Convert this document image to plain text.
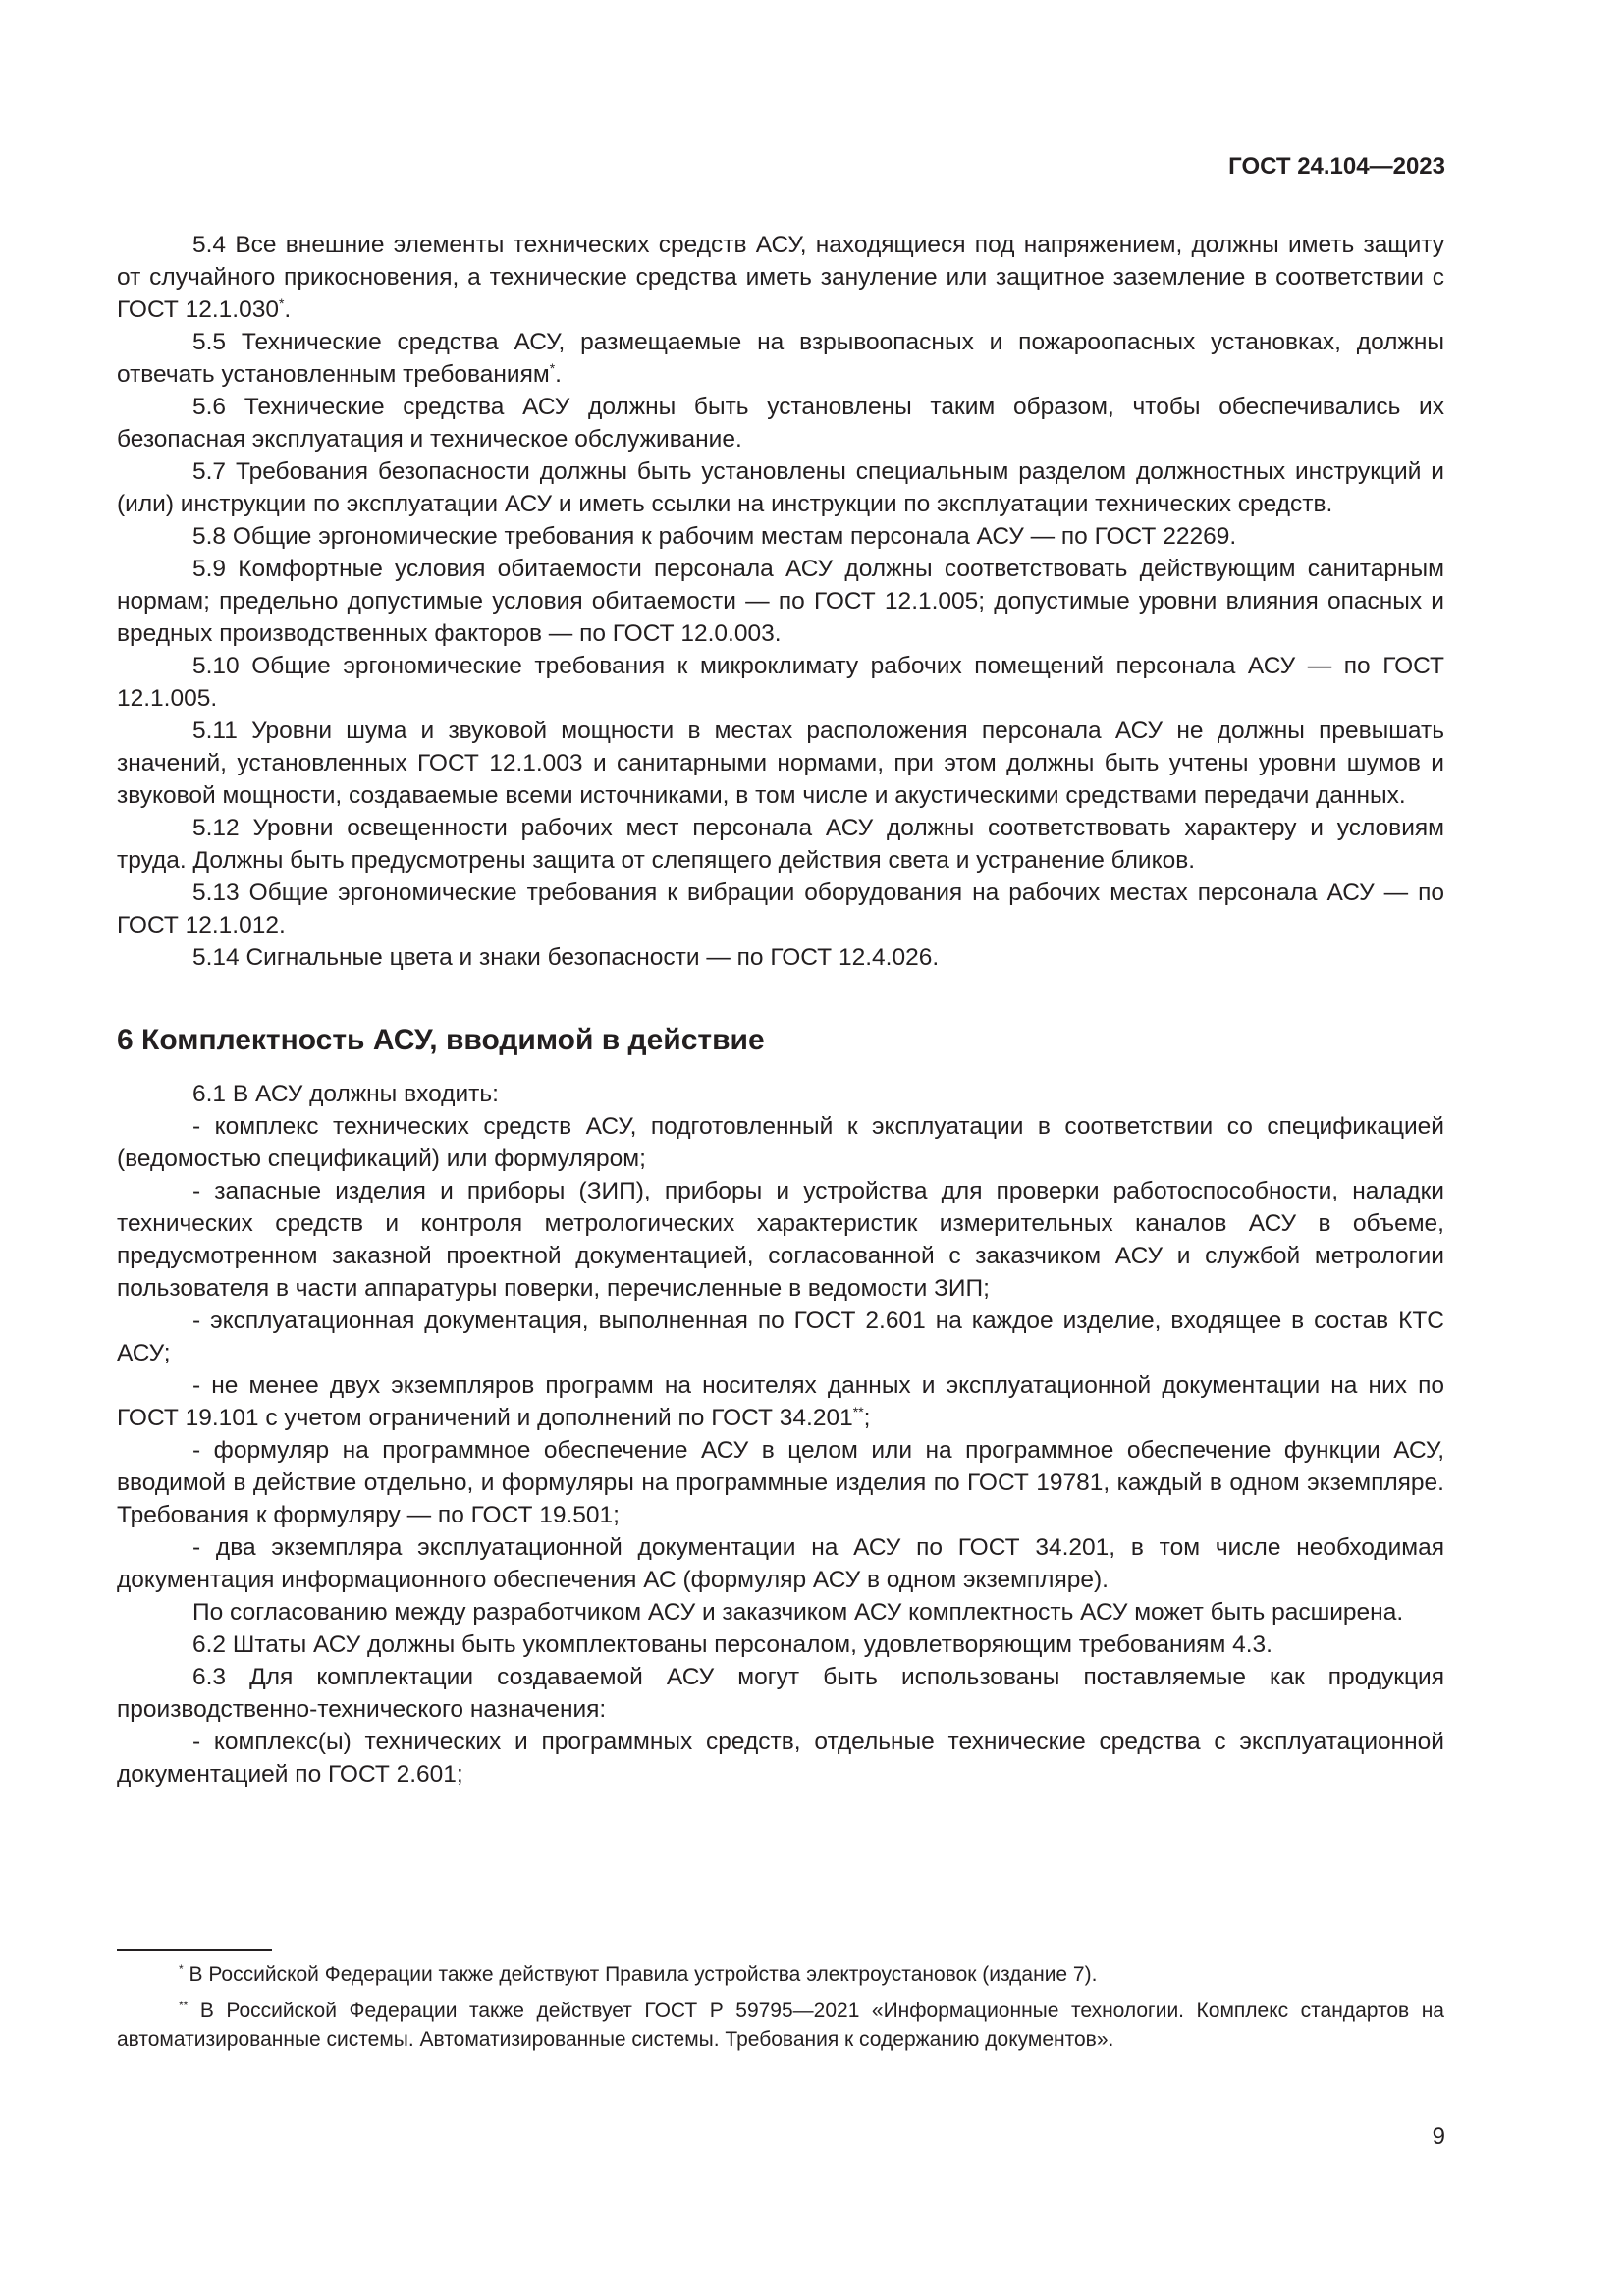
ГОСТ 24.104—2023

5.4 Все внешние элементы технических средств АСУ, находящиеся под напряжением, должны иметь защиту от случайного прикосновения, а технические средства иметь зануление или защитное заземление в соответствии с ГОСТ 12.1.030*.

5.5 Технические средства АСУ, размещаемые на взрывоопасных и пожароопасных установках, должны отвечать установленным требованиям*.

5.6 Технические средства АСУ должны быть установлены таким образом, чтобы обеспечивались их безопасная эксплуатация и техническое обслуживание.

5.7 Требования безопасности должны быть установлены специальным разделом должностных инструкций и (или) инструкции по эксплуатации АСУ и иметь ссылки на инструкции по эксплуатации технических средств.

5.8 Общие эргономические требования к рабочим местам персонала АСУ — по ГОСТ 22269.

5.9 Комфортные условия обитаемости персонала АСУ должны соответствовать действующим санитарным нормам; предельно допустимые условия обитаемости — по ГОСТ 12.1.005; допустимые уровни влияния опасных и вредных производственных факторов — по ГОСТ 12.0.003.

5.10 Общие эргономические требования к микроклимату рабочих помещений персонала АСУ — по ГОСТ 12.1.005.

5.11 Уровни шума и звуковой мощности в местах расположения персонала АСУ не должны превышать значений, установленных ГОСТ 12.1.003 и санитарными нормами, при этом должны быть учтены уровни шумов и звуковой мощности, создаваемые всеми источниками, в том числе и акустическими средствами передачи данных.

5.12 Уровни освещенности рабочих мест персонала АСУ должны соответствовать характеру и условиям труда. Должны быть предусмотрены защита от слепящего действия света и устранение бликов.

5.13 Общие эргономические требования к вибрации оборудования на рабочих местах персонала АСУ — по ГОСТ 12.1.012.

5.14 Сигнальные цвета и знаки безопасности — по ГОСТ 12.4.026.

6 Комплектность АСУ, вводимой в действие

6.1 В АСУ должны входить:

- комплекс технических средств АСУ, подготовленный к эксплуатации в соответствии со спецификацией (ведомостью спецификаций) или формуляром;

- запасные изделия и приборы (ЗИП), приборы и устройства для проверки работоспособности, наладки технических средств и контроля метрологических характеристик измерительных каналов АСУ в объеме, предусмотренном заказной проектной документацией, согласованной с заказчиком АСУ и службой метрологии пользователя в части аппаратуры поверки, перечисленные в ведомости ЗИП;

- эксплуатационная документация, выполненная по ГОСТ 2.601 на каждое изделие, входящее в состав КТС АСУ;

- не менее двух экземпляров программ на носителях данных и эксплуатационной документации на них по ГОСТ 19.101 с учетом ограничений и дополнений по ГОСТ 34.201**;

- формуляр на программное обеспечение АСУ в целом или на программное обеспечение функции АСУ, вводимой в действие отдельно, и формуляры на программные изделия по ГОСТ 19781, каждый в одном экземпляре. Требования к формуляру — по ГОСТ 19.501;

- два экземпляра эксплуатационной документации на АСУ по ГОСТ 34.201, в том числе необходимая документация информационного обеспечения АС (формуляр АСУ в одном экземпляре).

По согласованию между разработчиком АСУ и заказчиком АСУ комплектность АСУ может быть расширена.

6.2 Штаты АСУ должны быть укомплектованы персоналом, удовлетворяющим требованиям 4.3.

6.3 Для комплектации создаваемой АСУ могут быть использованы поставляемые как продукция производственно-технического назначения:

- комплекс(ы) технических и программных средств, отдельные технические средства с эксплуатационной документацией по ГОСТ 2.601;

* В Российской Федерации также действуют Правила устройства электроустановок (издание 7).

** В Российской Федерации также действует ГОСТ Р 59795—2021 «Информационные технологии. Комплекс стандартов на автоматизированные системы. Автоматизированные системы. Требования к содержанию документов».

9
